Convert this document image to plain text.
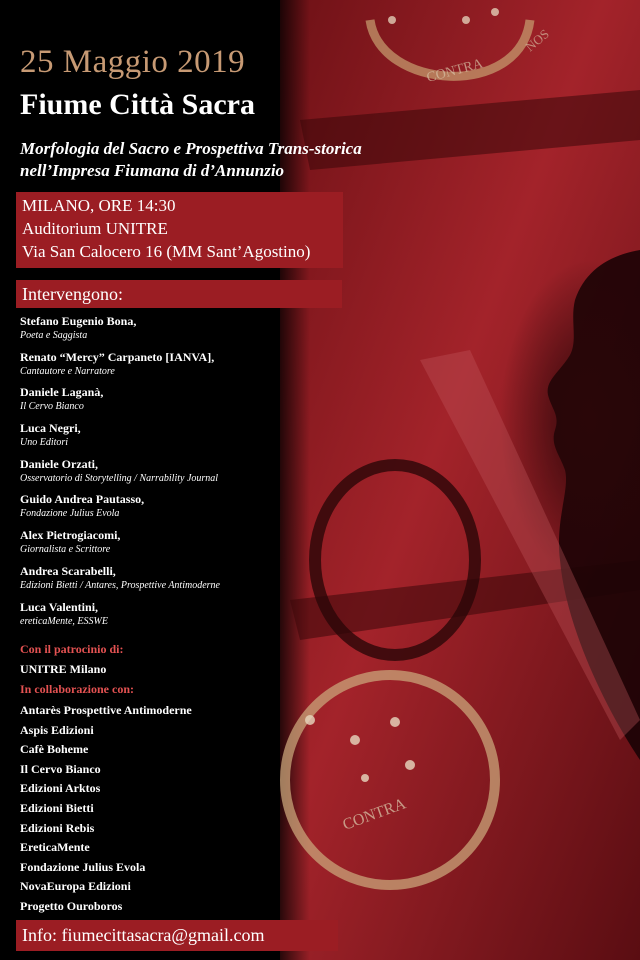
CONTRA
NOS
CONTRA
25 Maggio 2019
Fiume Città Sacra
Morfologia del Sacro e Prospettiva Trans-storica
nell’Impresa Fiumana di d’Annunzio
MILANO, ORE 14:30
Auditorium UNITRE
Via San Calocero 16 (MM Sant’Agostino)
Intervengono:
Stefano Eugenio Bona,
Poeta e Saggista
Renato “Mercy” Carpaneto [IANVA],
Cantautore e Narratore
Daniele Laganà,
Il Cervo Bianco
Luca Negri,
Uno Editori
Daniele Orzati,
Osservatorio di Storytelling / Narrability Journal
Guido Andrea Pautasso,
Fondazione Julius Evola
Alex Pietrogiacomi,
Giornalista e Scrittore
Andrea Scarabelli,
Edizioni Bietti / Antares, Prospettive Antimoderne
Luca Valentini,
ereticaMente, ESSWE
Con il patrocinio di:
UNITRE Milano
In collaborazione con:
Antarès Prospettive Antimoderne
Aspis Edizioni
Cafè Boheme
Il Cervo Bianco
Edizioni Arktos
Edizioni Bietti
Edizioni Rebis
EreticaMente
Fondazione Julius Evola
NovaEuropa Edizioni
Progetto Ouroboros
Info: fiumecittasacra@gmail.com
